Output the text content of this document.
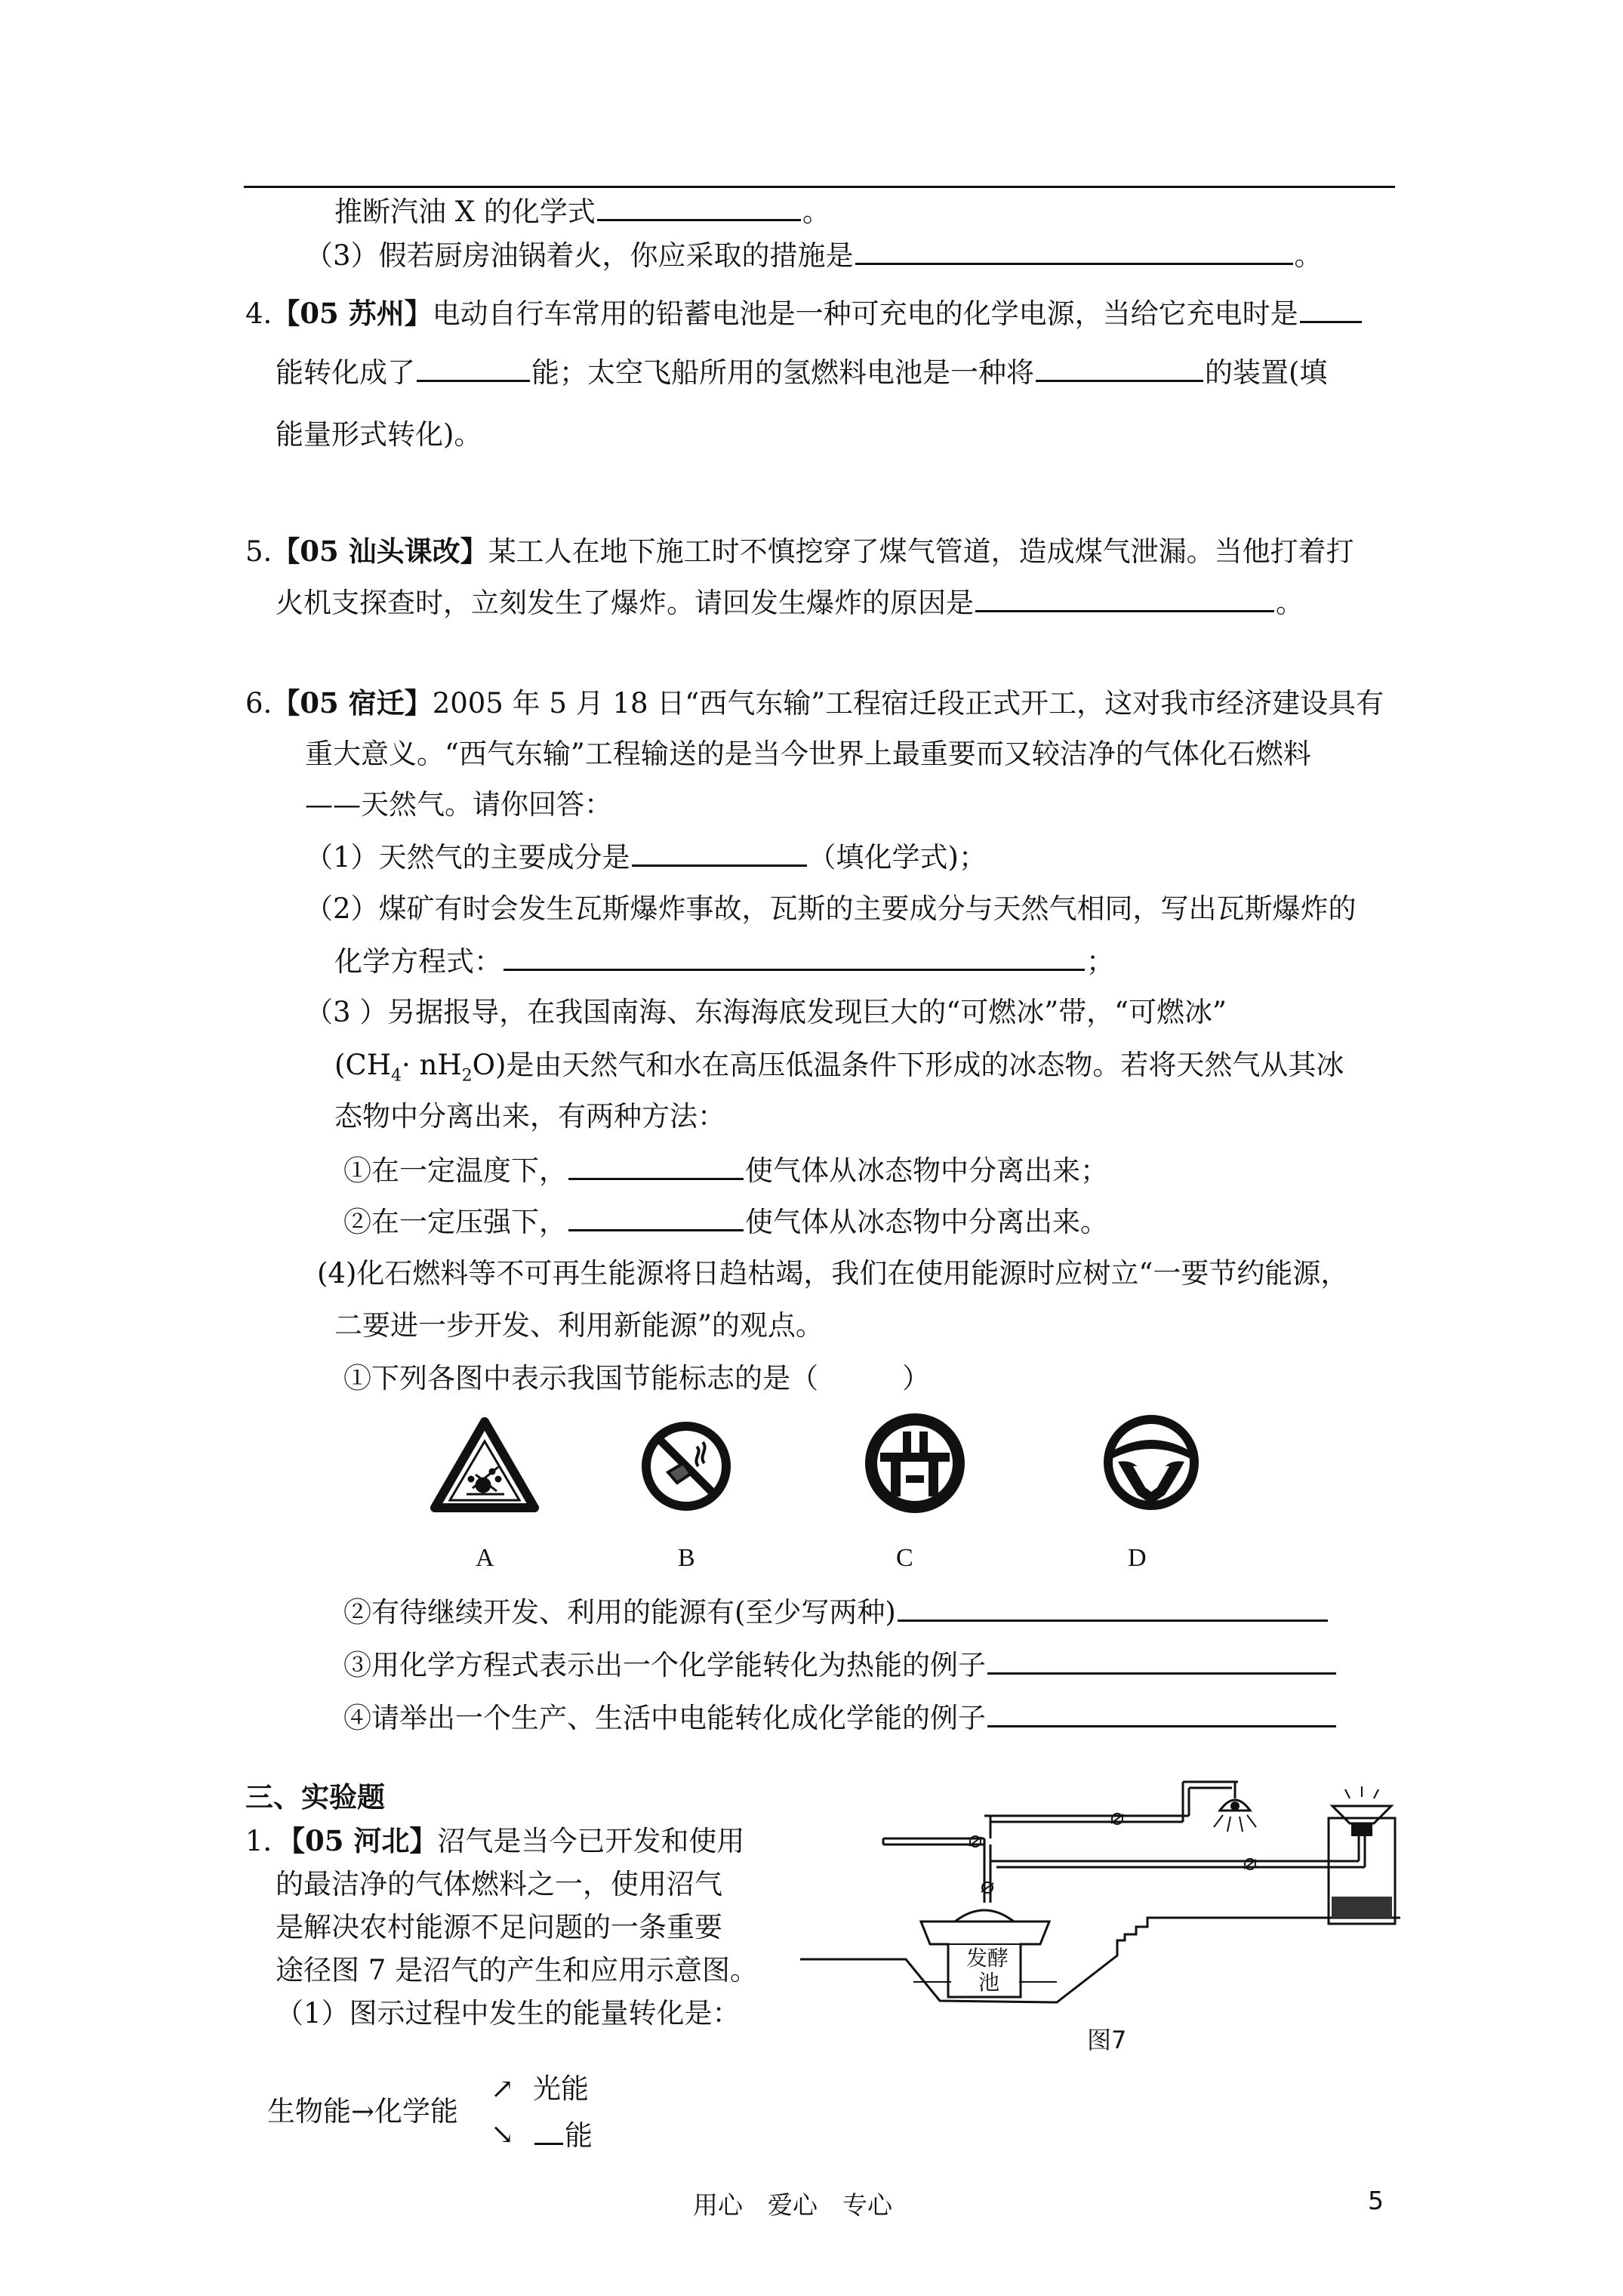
推断汽油 X 的化学式	。
（3）假若厨房油锅着火，你应采取的措施是	。
4.【05 苏州】电动自行车常用的铅蓄电池是一种可充电的化学电源，当给它充电时是
能转化成了	能；太空飞船所用的氢燃料电池是一种将	的装置(填
能量形式转化)。
5.【05 汕头课改】某工人在地下施工时不慎挖穿了煤气管道，造成煤气泄漏。当他打着打
火机支探查时，立刻发生了爆炸。请回发生爆炸的原因是	。
6.【05 宿迁】2005 年 5 月 18 日“西气东输”工程宿迁段正式开工，这对我市经济建设具有
重大意义。“西气东输”工程输送的是当今世界上最重要而又较洁净的气体化石燃料
——天然气。请你回答：
（1）天然气的主要成分是	（填化学式)；
（2）煤矿有时会发生瓦斯爆炸事故，瓦斯的主要成分与天然气相同，写出瓦斯爆炸的
化学方程式：	；
（3 ）另据报导，在我国南海、东海海底发现巨大的“可燃冰”带，“可燃冰”
$(CH_4\cdot nH_2O)$是由天然气和水在高压低温条件下形成的冰态物。若将天然气从其冰
态物中分离出来，有两种方法：
①在一定温度下，	使气体从冰态物中分离出来；
②在一定压强下，	使气体从冰态物中分离出来。
(4)化石燃料等不可再生能源将日趋枯竭，我们在使用能源时应树立“一要节约能源，
二要进一步开发、利用新能源”的观点。
①下列各图中表示我国节能标志的是（　　　）
A	B	C	D
②有待继续开发、利用的能源有(至少写两种)
③用化学方程式表示出一个化学能转化为热能的例子
④请举出一个生产、生活中电能转化成化学能的例子
三、实验题
1．【05 河北】沼气是当今已开发和使用
的最洁净的气体燃料之一，使用沼气
是解决农村能源不足问题的一条重要
途径图 7 是沼气的产生和应用示意图。
（1）图示过程中发生的能量转化是：
生物能→化学能
↗ 光能
↘	能
发酵
池
图7
用心　爱心　专心	5
